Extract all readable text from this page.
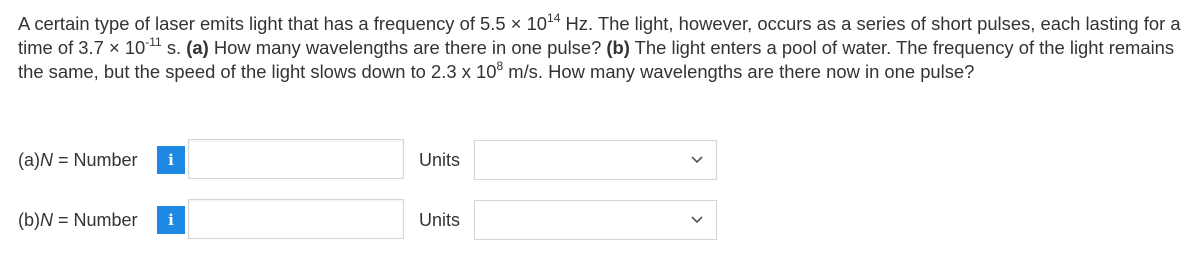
A certain type of laser emits light that has a frequency of $5.5 \times 10^{14}$ Hz. The light, however, occurs as a series of short pulses, each lasting for a time of $3.7 \times 10^{-11}$ s. (a) How many wavelengths are there in one pulse? (b) The light enters a pool of water. The frequency of the light remains the same, but the speed of the light slows down to 2.3 x $10^8$ m/s. How many wavelengths are there now in one pulse?

(a)N = Number	i	Units
(b)N = Number	i	Units
